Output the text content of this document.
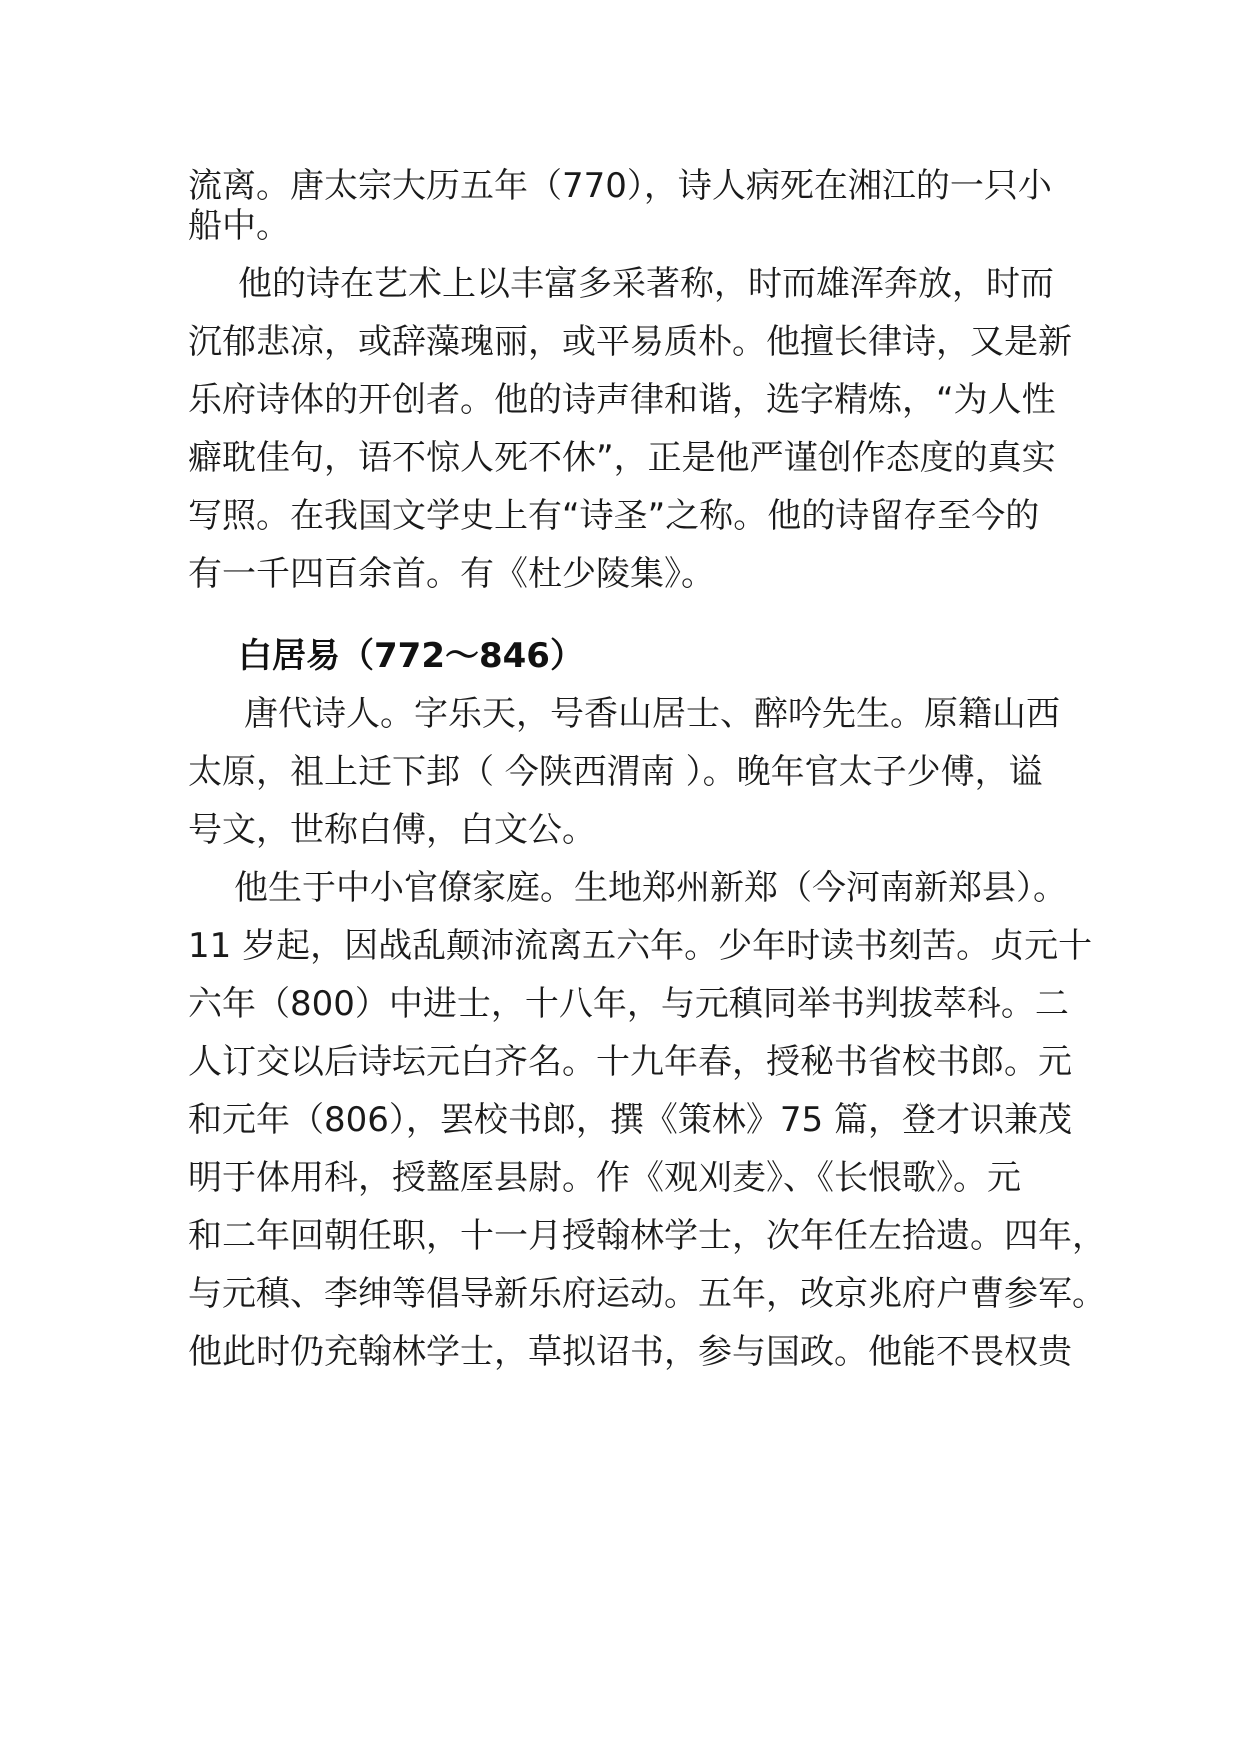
流离。唐太宗大历五年（770），诗人病死在湘江的一只小
船中。
他的诗在艺术上以丰富多采著称，时而雄浑奔放，时而
沉郁悲凉，或辞藻瑰丽，或平易质朴。他擅长律诗，又是新
乐府诗体的开创者。他的诗声律和谐，选字精炼，“为人性
癖耽佳句，语不惊人死不休”，正是他严谨创作态度的真实
写照。在我国文学史上有“诗圣”之称。他的诗留存至今的
有一千四百余首。有《杜少陵集》。
白居易（772～846）
唐代诗人。字乐天，号香山居士、醉吟先生。原籍山西
太原，祖上迁下邽（ 今陕西渭南 ）。晚年官太子少傅，谥
号文，世称白傅，白文公。
他生于中小官僚家庭。生地郑州新郑（今河南新郑县）。
11 岁起，因战乱颠沛流离五六年。少年时读书刻苦。贞元十
六年（800）中进士，十八年，与元稹同举书判拔萃科。二
人订交以后诗坛元白齐名。十九年春，授秘书省校书郎。元
和元年（806），罢校书郎，撰《策林》75 篇，登才识兼茂
明于体用科，授盩厔县尉。作《观刈麦》、《长恨歌》。元
和二年回朝任职，十一月授翰林学士，次年任左拾遗。四年，
与元稹、李绅等倡导新乐府运动。五年，改京兆府户曹参军。
他此时仍充翰林学士，草拟诏书，参与国政。他能不畏权贵
